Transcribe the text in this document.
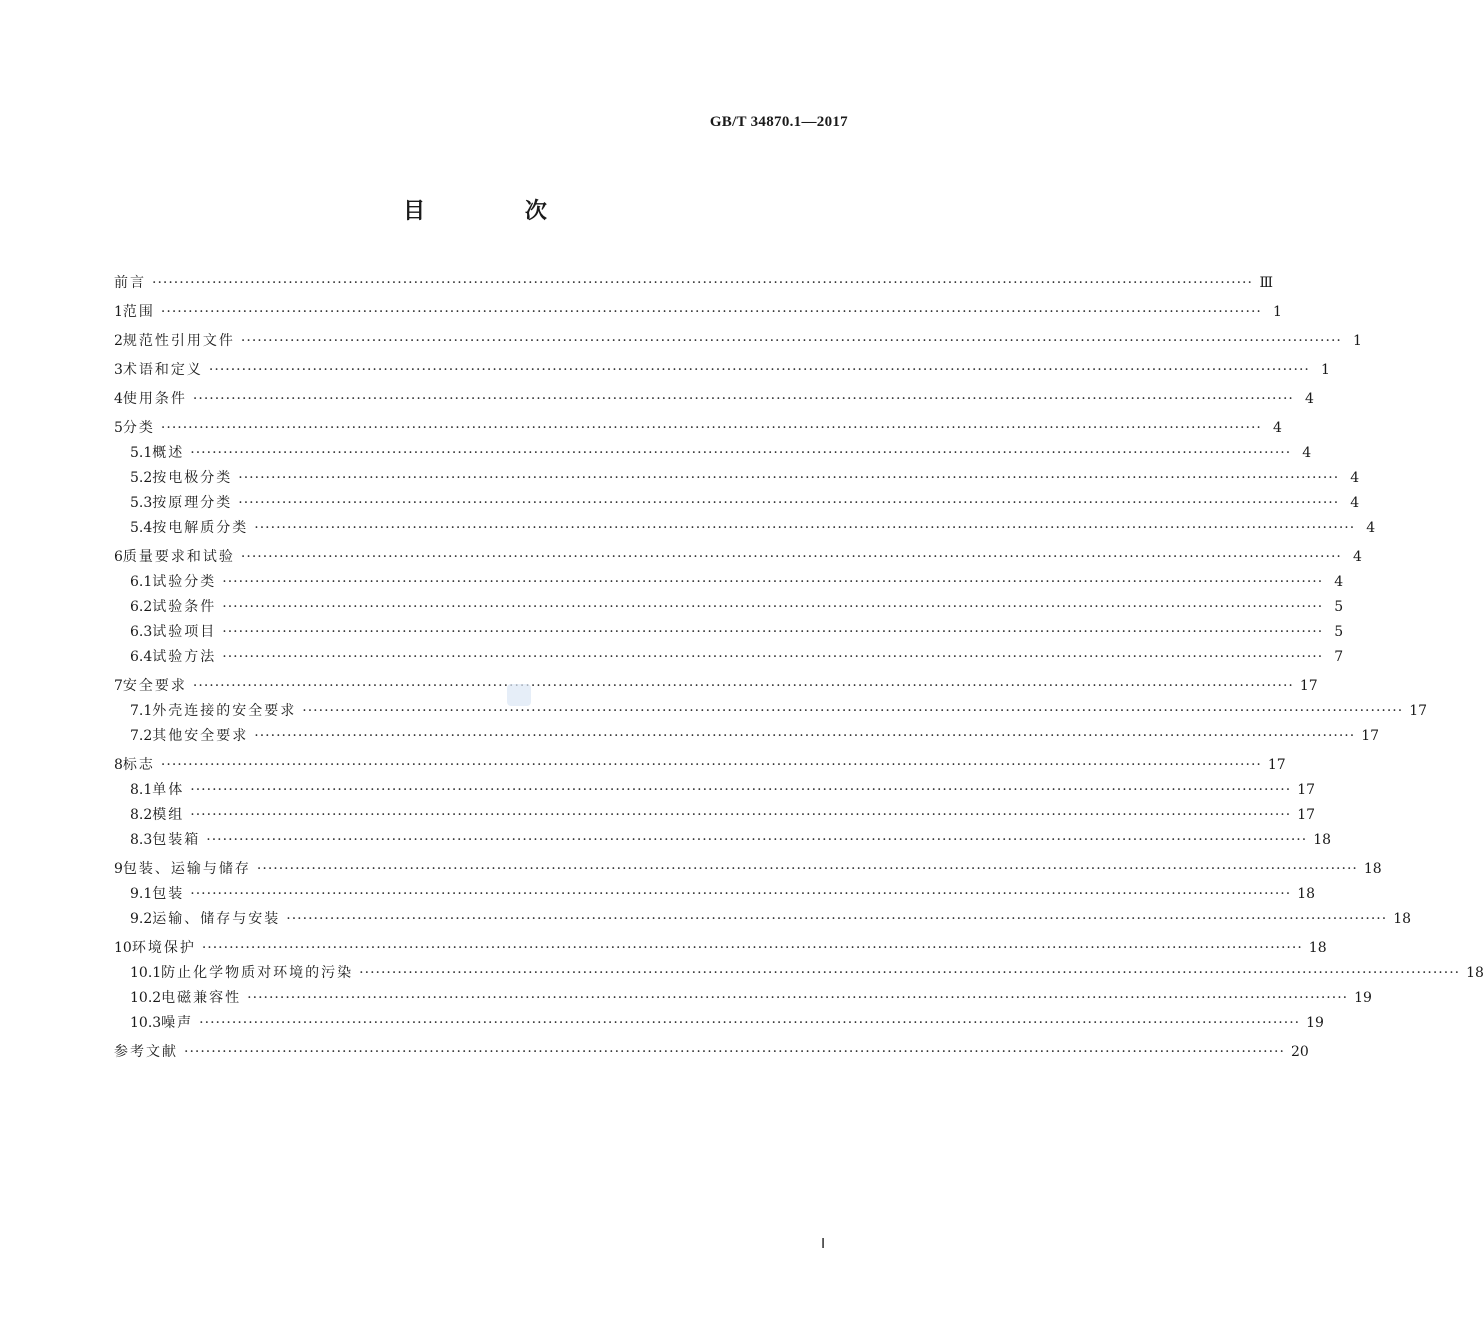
GB/T 34870.1—2017
目 次
前言 ·····	Ⅲ
1 范围 ·····	1
2 规范性引用文件 ·····	1
3 术语和定义 ·····	1
4 使用条件 ·····	4
5 分类 ·····	4
5.1 概述 ·····	4
5.2 按电极分类 ·····	4
5.3 按原理分类 ·····	4
5.4 按电解质分类 ·····	4
6 质量要求和试验 ·····	4
6.1 试验分类 ·····	4
6.2 试验条件 ·····	5
6.3 试验项目 ·····	5
6.4 试验方法 ·····	7
7 安全要求 ·····	17
7.1 外壳连接的安全要求 ·····	17
7.2 其他安全要求 ·····	17
8 标志 ·····	17
8.1 单体 ·····	17
8.2 模组 ·····	17
8.3 包装箱 ·····	18
9 包装、运输与储存 ·····	18
9.1 包装 ·····	18
9.2 运输、储存与安装 ·····	18
10 环境保护 ·····	18
10.1 防止化学物质对环境的污染 ·····	18
10.2 电磁兼容性 ·····	19
10.3 噪声 ·····	19
参考文献 ·····	20
Ⅰ
